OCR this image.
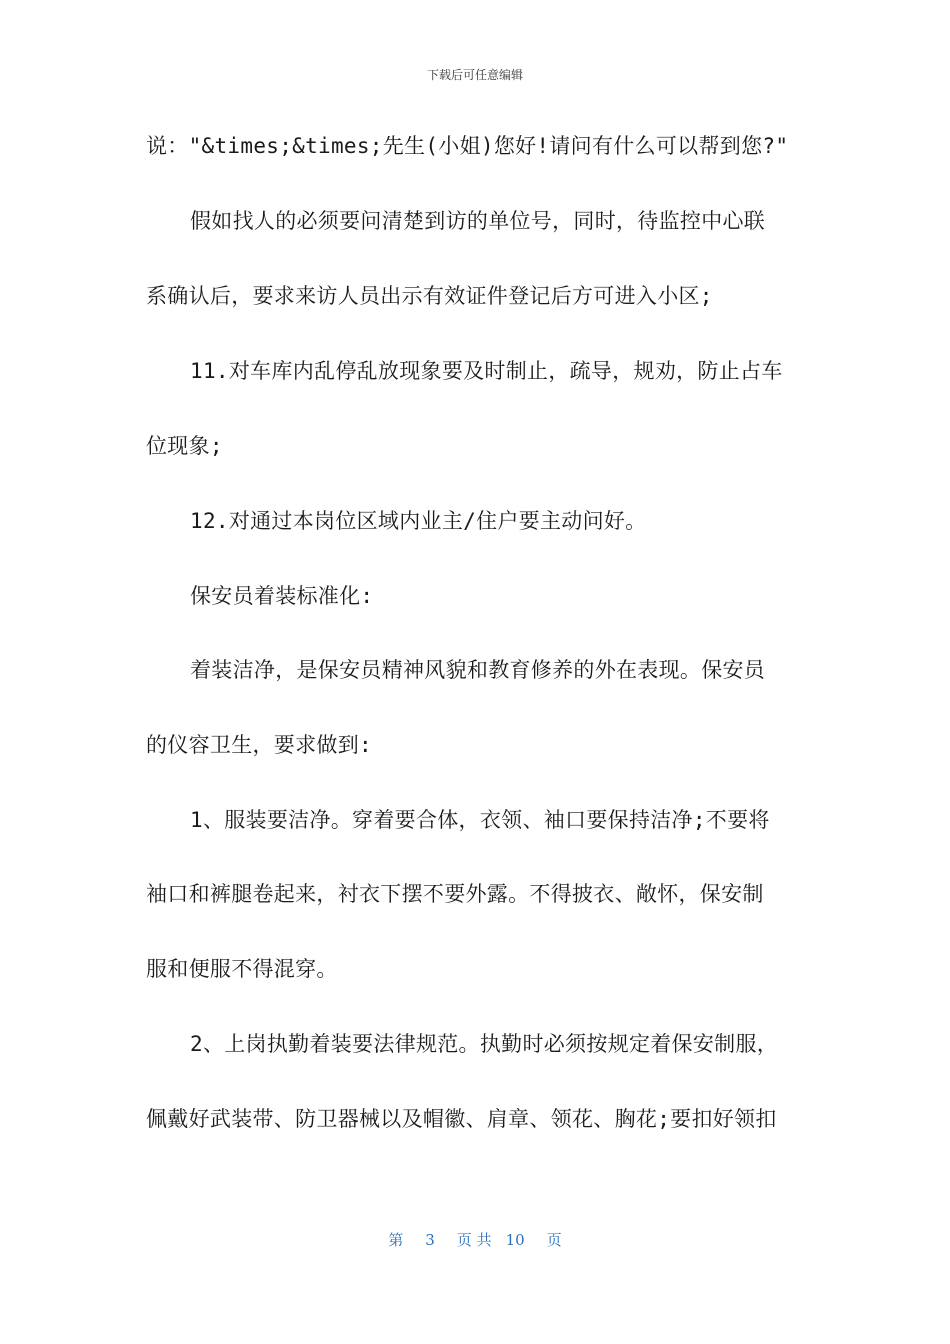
下载后可任意编辑
说："&times;&times;先生(小姐)您好!请问有什么可以帮到您?"
假如找人的必须要问清楚到访的单位号，同时，待监控中心联
系确认后，要求来访人员出示有效证件登记后方可进入小区;
11.对车库内乱停乱放现象要及时制止，疏导，规劝，防止占车
位现象;
12.对通过本岗位区域内业主/住户要主动问好。
保安员着装标准化:
着装洁净，是保安员精神风貌和教育修养的外在表现。保安员
的仪容卫生，要求做到:
1、服装要洁净。穿着要合体，衣领、袖口要保持洁净;不要将
袖口和裤腿卷起来，衬衣下摆不要外露。不得披衣、敞怀，保安制
服和便服不得混穿。
2、上岗执勤着装要法律规范。执勤时必须按规定着保安制服，
佩戴好武装带、防卫器械以及帽徽、肩章、领花、胸花;要扣好领扣
第 3 页 共 10 页
